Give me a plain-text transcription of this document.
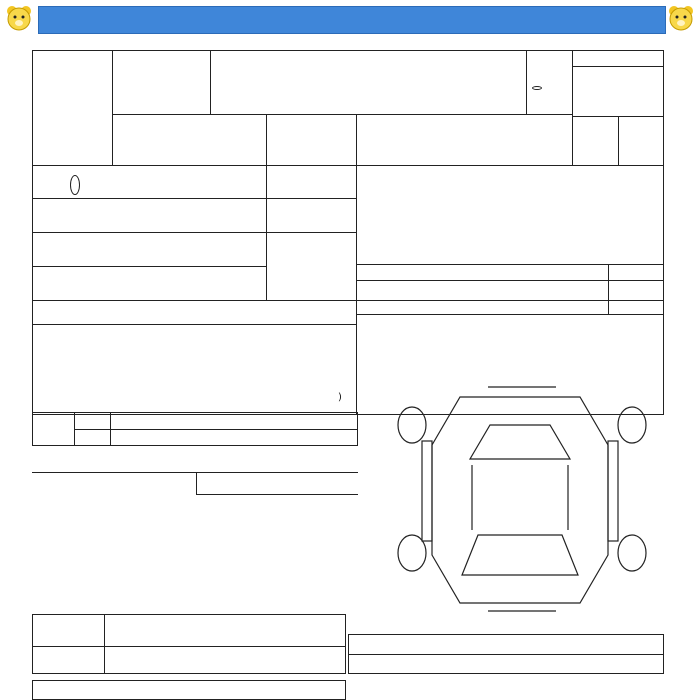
)
